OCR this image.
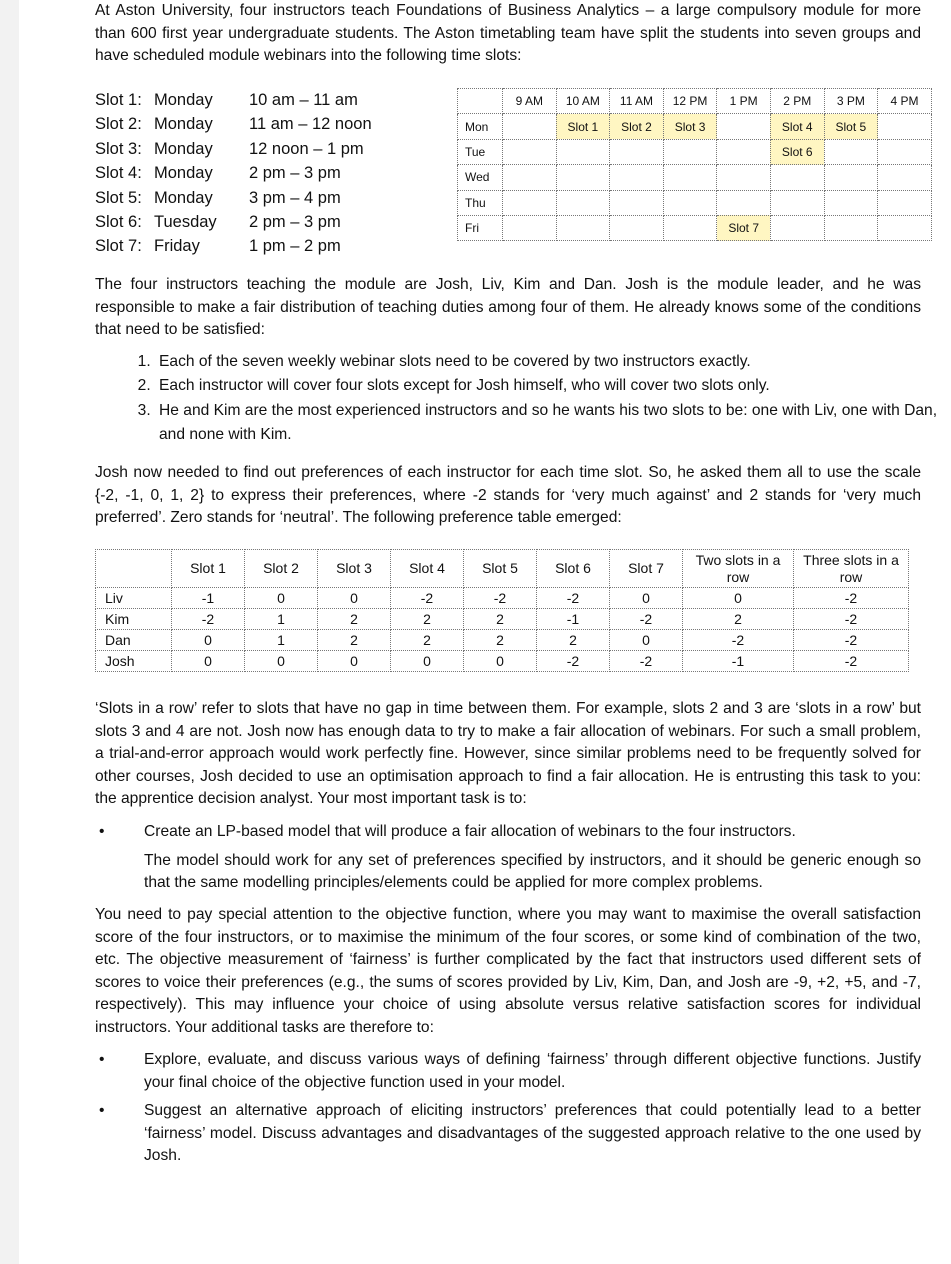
At Aston University, four instructors teach Foundations of Business Analytics – a large compulsory module for more than 600 first year undergraduate students. The Aston timetabling team have split the students into seven groups and have scheduled module webinars into the following time slots:

Slot 1: Monday	10 am – 11 am
Slot 2: Monday	11 am – 12 noon
Slot 3: Monday	12 noon – 1 pm
Slot 4: Monday	2 pm – 3 pm
Slot 5: Monday	3 pm – 4 pm
Slot 6: Tuesday	2 pm – 3 pm
Slot 7: Friday	1 pm – 2 pm
	9 AM	10 AM	11 AM	12 PM	1 PM	2 PM	3 PM	4 PM
Mon		Slot 1	Slot 2	Slot 3		Slot 4	Slot 5	
Tue						Slot 6		
Wed								
Thu								
Fri					Slot 7			

The four instructors teaching the module are Josh, Liv, Kim and Dan. Josh is the module leader, and he was responsible to make a fair distribution of teaching duties among four of them. He already knows some of the conditions that need to be satisfied:

1. Each of the seven weekly webinar slots need to be covered by two instructors exactly.
2. Each instructor will cover four slots except for Josh himself, who will cover two slots only.
3. He and Kim are the most experienced instructors and so he wants his two slots to be: one with Liv, one with Dan, and none with Kim.

Josh now needed to find out preferences of each instructor for each time slot. So, he asked them all to use the scale {-2, -1, 0, 1, 2} to express their preferences, where -2 stands for ‘very much against’ and 2 stands for ‘very much preferred’. Zero stands for ‘neutral’. The following preference table emerged:

	Slot 1	Slot 2	Slot 3	Slot 4	Slot 5	Slot 6	Slot 7	Two slots in a row	Three slots in a row
Liv	-1	0	0	-2	-2	-2	0	0	-2
Kim	-2	1	2	2	2	-1	-2	2	-2
Dan	0	1	2	2	2	2	0	-2	-2
Josh	0	0	0	0	0	-2	-2	-1	-2

‘Slots in a row’ refer to slots that have no gap in time between them. For example, slots 2 and 3 are ‘slots in a row’ but slots 3 and 4 are not. Josh now has enough data to try to make a fair allocation of webinars. For such a small problem, a trial-and-error approach would work perfectly fine. However, since similar problems need to be frequently solved for other courses, Josh decided to use an optimisation approach to find a fair allocation. He is entrusting this task to you: the apprentice decision analyst. Your most important task is to:

•	Create an LP-based model that will produce a fair allocation of webinars to the four instructors.
The model should work for any set of preferences specified by instructors, and it should be generic enough so that the same modelling principles/elements could be applied for more complex problems.

You need to pay special attention to the objective function, where you may want to maximise the overall satisfaction score of the four instructors, or to maximise the minimum of the four scores, or some kind of combination of the two, etc. The objective measurement of ‘fairness’ is further complicated by the fact that instructors used different sets of scores to voice their preferences (e.g., the sums of scores provided by Liv, Kim, Dan, and Josh are -9, +2, +5, and -7, respectively). This may influence your choice of using absolute versus relative satisfaction scores for individual instructors. Your additional tasks are therefore to:

•	Explore, evaluate, and discuss various ways of defining ‘fairness’ through different objective functions. Justify your final choice of the objective function used in your model.
•	Suggest an alternative approach of eliciting instructors’ preferences that could potentially lead to a better ‘fairness’ model. Discuss advantages and disadvantages of the suggested approach relative to the one used by Josh.
